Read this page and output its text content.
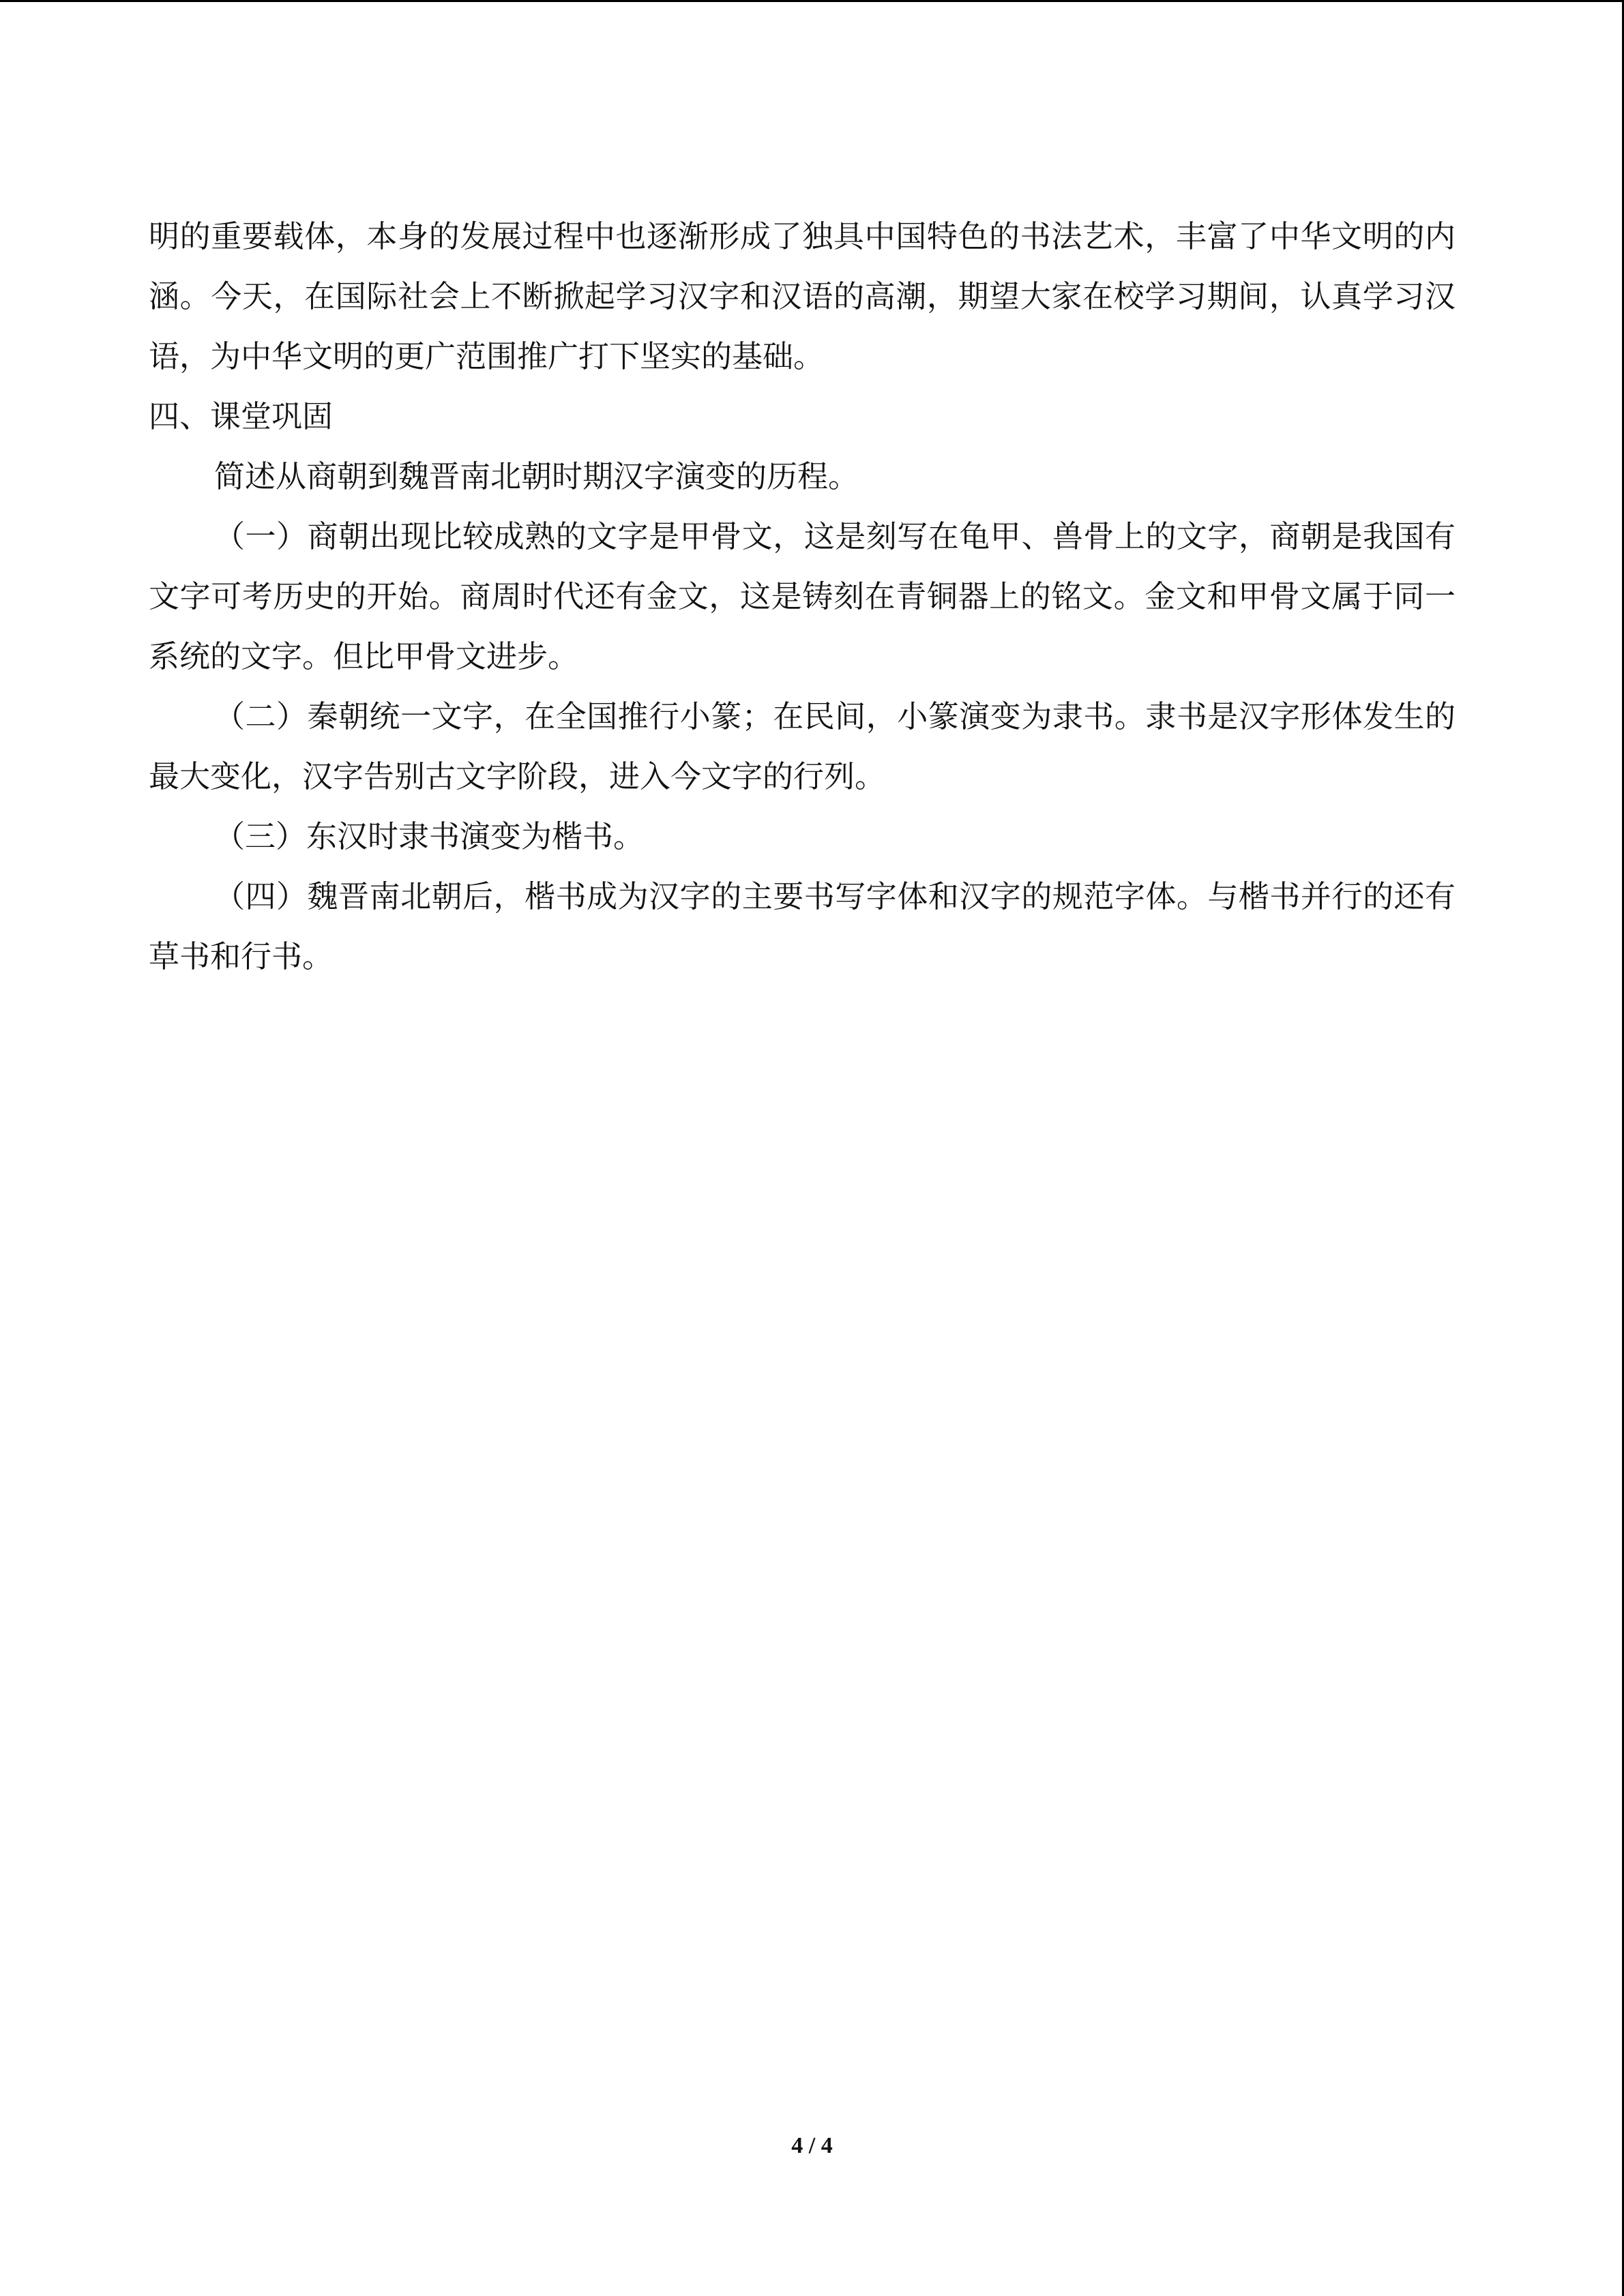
明的重要载体，本身的发展过程中也逐渐形成了独具中国特色的书法艺术，丰富了中华文明的内涵。今天，在国际社会上不断掀起学习汉字和汉语的高潮，期望大家在校学习期间，认真学习汉语，为中华文明的更广范围推广打下坚实的基础。

四、课堂巩固

简述从商朝到魏晋南北朝时期汉字演变的历程。

（一）商朝出现比较成熟的文字是甲骨文，这是刻写在龟甲、兽骨上的文字，商朝是我国有文字可考历史的开始。商周时代还有金文，这是铸刻在青铜器上的铭文。金文和甲骨文属于同一系统的文字。但比甲骨文进步。

（二）秦朝统一文字，在全国推行小篆；在民间，小篆演变为隶书。隶书是汉字形体发生的最大变化，汉字告别古文字阶段，进入今文字的行列。

（三）东汉时隶书演变为楷书。

（四）魏晋南北朝后，楷书成为汉字的主要书写字体和汉字的规范字体。与楷书并行的还有草书和行书。

4 / 4
